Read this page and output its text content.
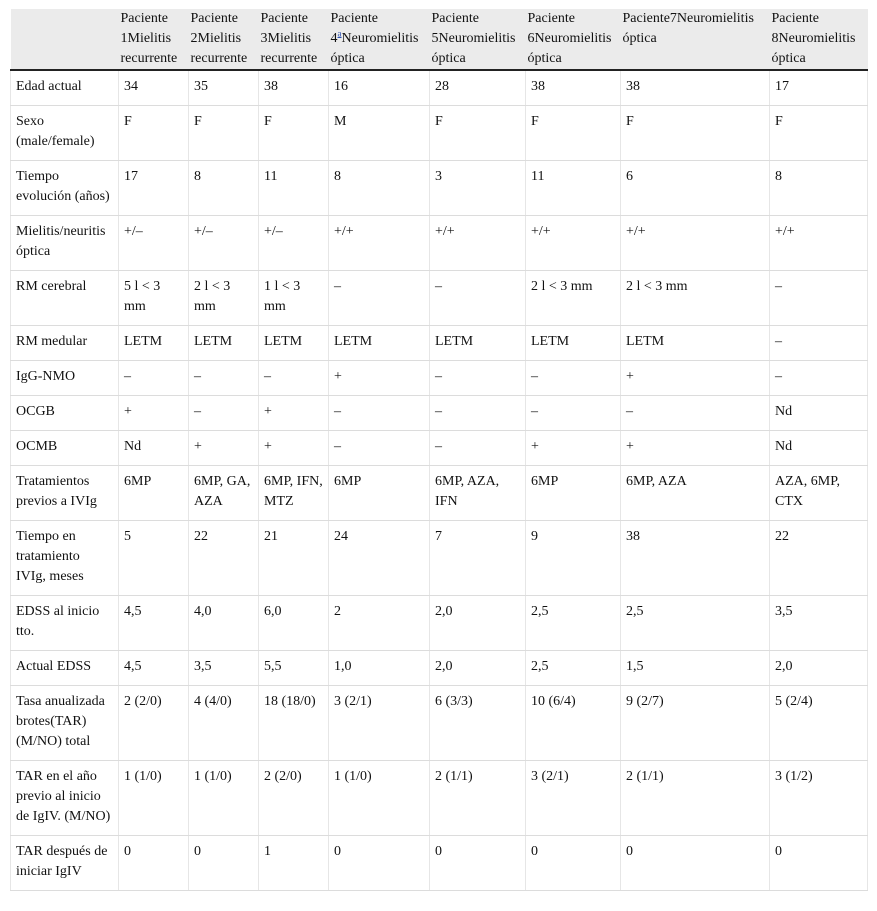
	Paciente 1Mielitis recurrente	Paciente 2Mielitis recurrente	Paciente 3Mielitis recurrente	Paciente 4$^a$Neuromielitis óptica	Paciente 5Neuromielitis óptica	Paciente 6Neuromielitis óptica	Paciente7Neuromielitis óptica	Paciente 8Neuromielitis óptica
Edad actual	34	35	38	16	28	38	38	17
Sexo (male/female)	F	F	F	M	F	F	F	F
Tiempo evolución (años)	17	8	11	8	3	11	6	8
Mielitis/neuritis óptica	+/–	+/–	+/–	+/+	+/+	+/+	+/+	+/+
RM cerebral	5 l < 3 mm	2 l < 3 mm	1 l < 3 mm	–	–	2 l < 3 mm	2 l < 3 mm	–
RM medular	LETM	LETM	LETM	LETM	LETM	LETM	LETM	–
IgG-NMO	–	–	–	+	–	–	+	–
OCGB	+	–	+	–	–	–	–	Nd
OCMB	Nd	+	+	–	–	+	+	Nd
Tratamientos previos a IVIg	6MP	6MP, GA, AZA	6MP, IFN, MTZ	6MP	6MP, AZA, IFN	6MP	6MP, AZA	AZA, 6MP, CTX
Tiempo en tratamiento IVIg, meses	5	22	21	24	7	9	38	22
EDSS al inicio tto.	4,5	4,0	6,0	2	2,0	2,5	2,5	3,5
Actual EDSS	4,5	3,5	5,5	1,0	2,0	2,5	1,5	2,0
Tasa anualizada brotes(TAR) (M/NO) total	2 (2/0)	4 (4/0)	18 (18/0)	3 (2/1)	6 (3/3)	10 (6/4)	9 (2/7)	5 (2/4)
TAR en el año previo al inicio de IgIV. (M/NO)	1 (1/0)	1 (1/0)	2 (2/0)	1 (1/0)	2 (1/1)	3 (2/1)	2 (1/1)	3 (1/2)
TAR después de iniciar IgIV	0	0	1	0	0	0	0	0
